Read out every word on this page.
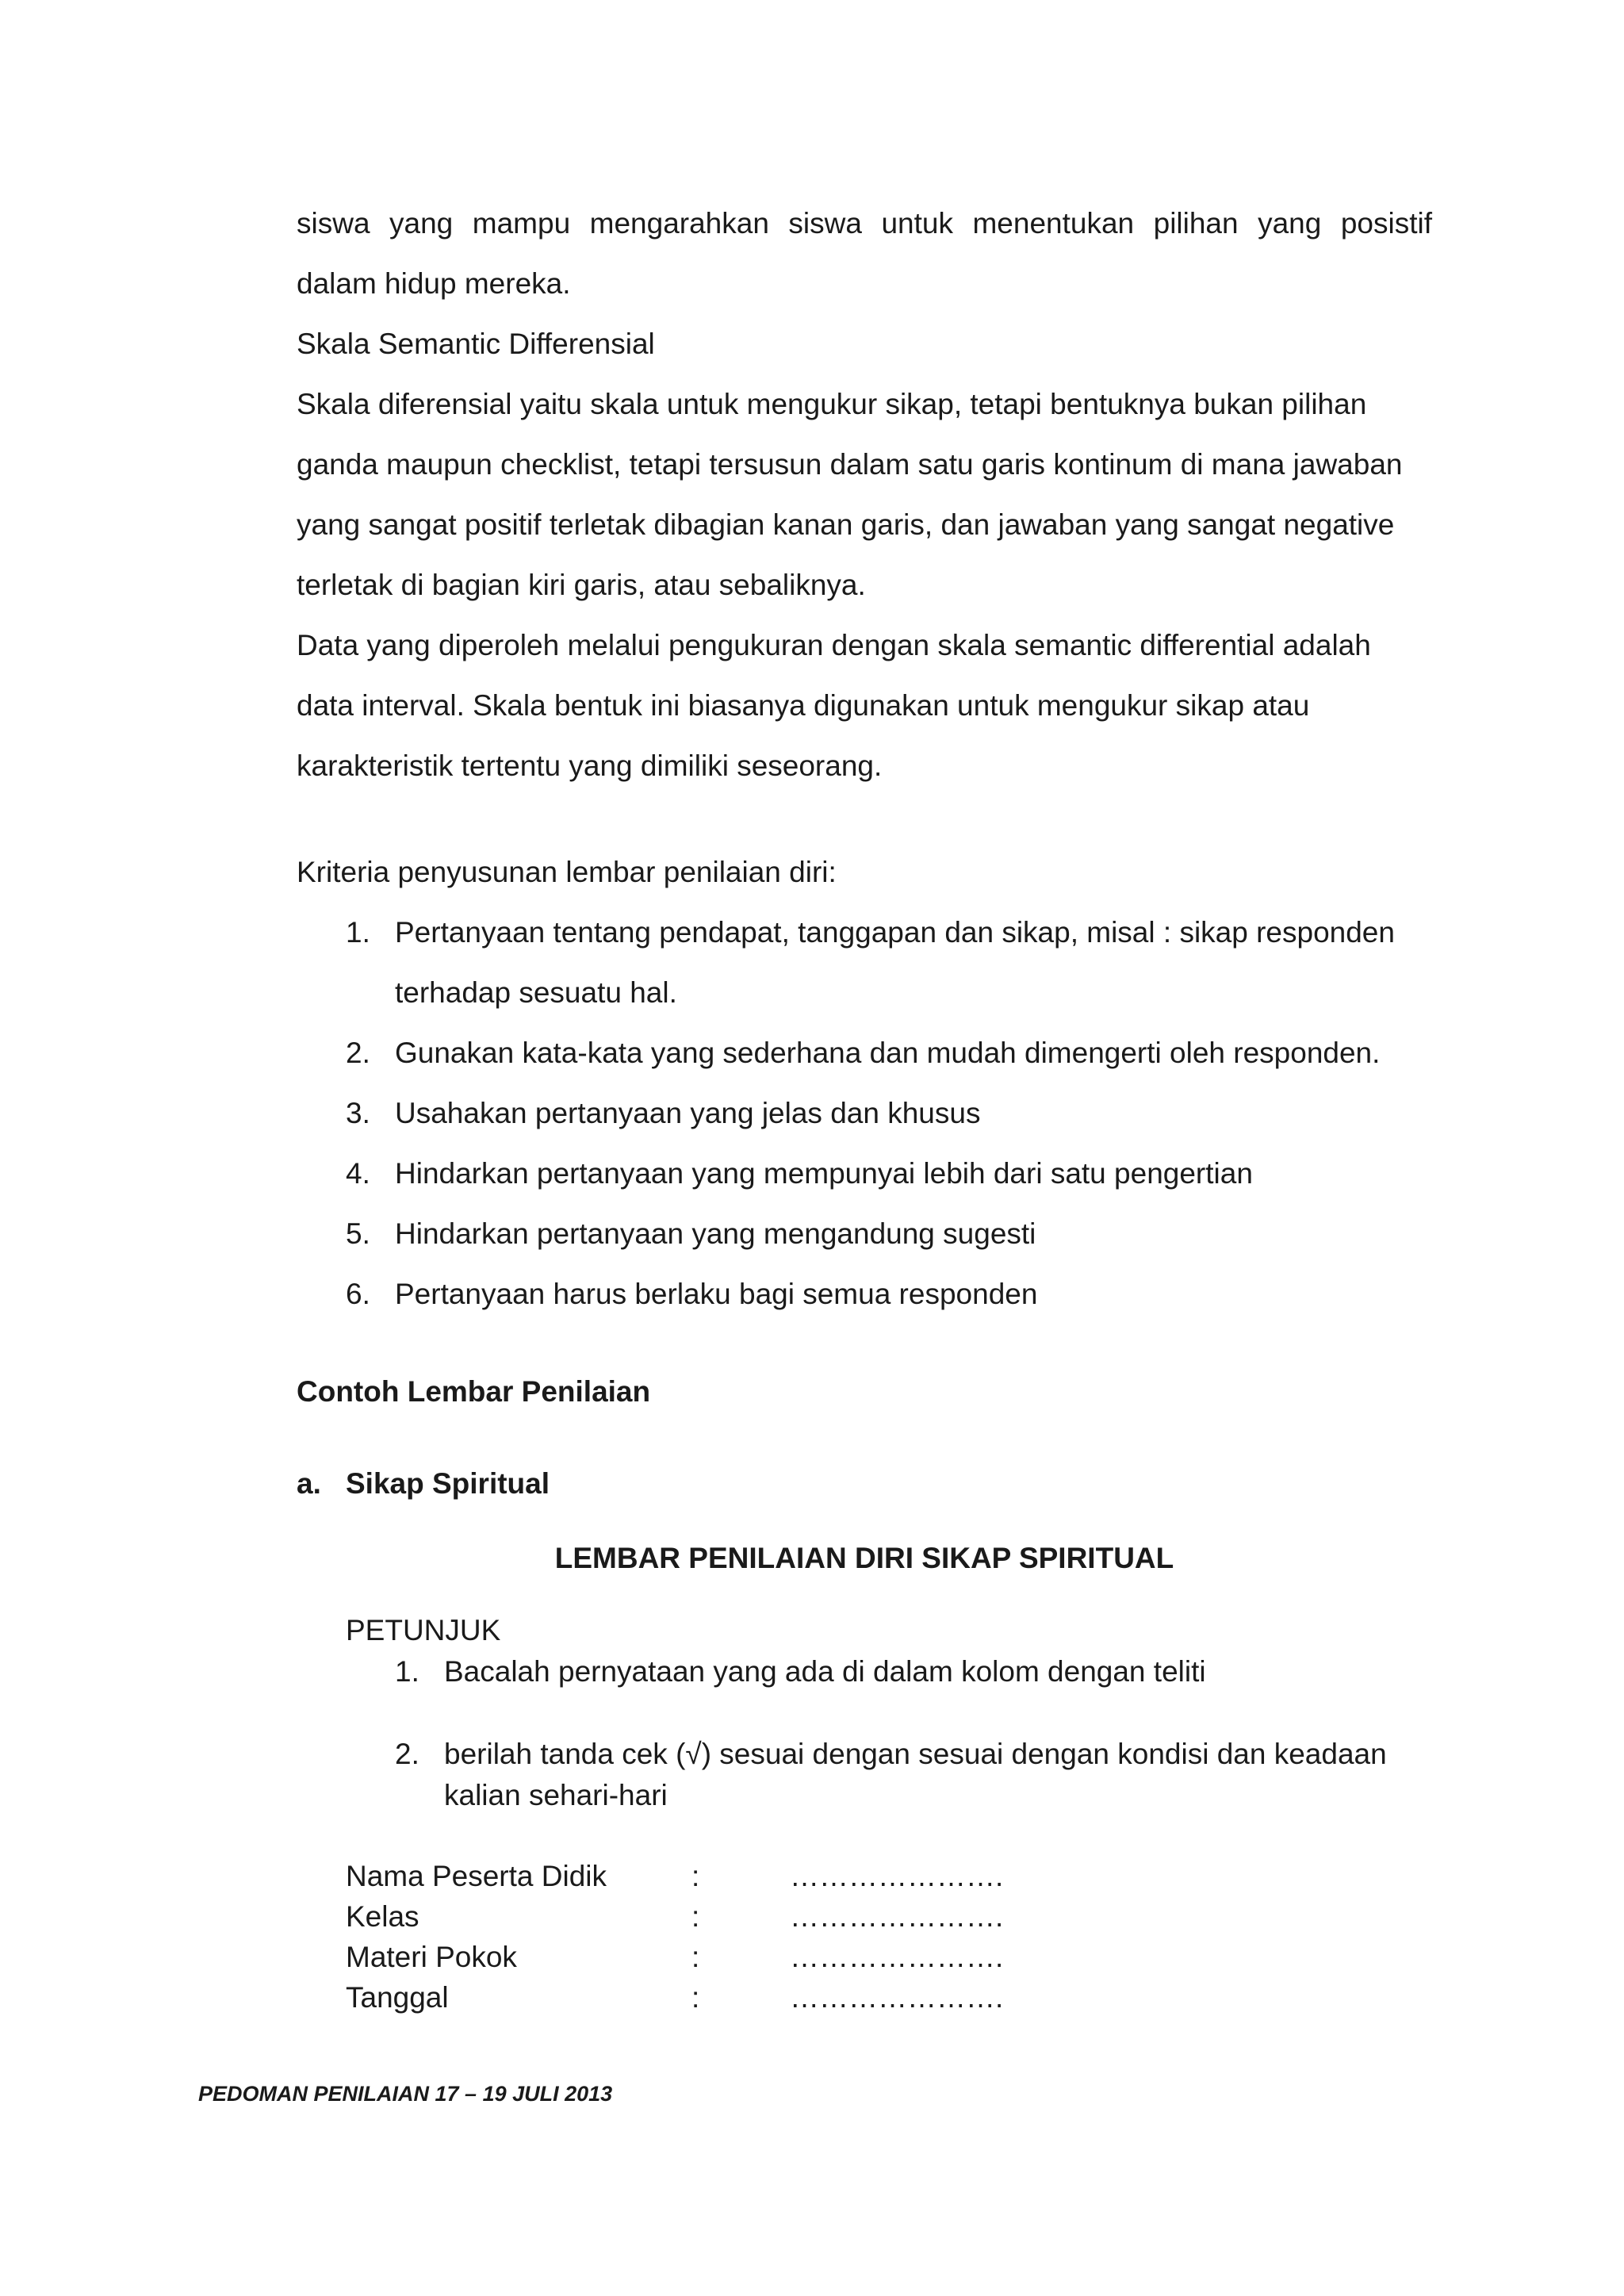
siswa yang mampu mengarahkan siswa untuk menentukan pilihan yang posistif
dalam hidup mereka.

Skala Semantic Differensial

Skala diferensial yaitu skala untuk mengukur sikap, tetapi bentuknya bukan pilihan
ganda maupun checklist, tetapi tersusun dalam satu garis kontinum di mana jawaban
yang sangat positif terletak dibagian kanan garis, dan jawaban yang sangat negative
terletak di bagian kiri garis, atau sebaliknya.

Data yang diperoleh melalui pengukuran dengan skala semantic differential adalah
data interval. Skala bentuk ini biasanya digunakan untuk mengukur sikap atau
karakteristik tertentu yang dimiliki seseorang.

Kriteria penyusunan lembar penilaian diri:

1. Pertanyaan tentang pendapat, tanggapan dan sikap, misal : sikap responden
terhadap sesuatu hal.
2. Gunakan kata-kata yang sederhana dan mudah dimengerti oleh responden.
3. Usahakan pertanyaan yang jelas dan khusus
4. Hindarkan pertanyaan yang mempunyai lebih dari satu pengertian
5. Hindarkan pertanyaan yang mengandung sugesti
6. Pertanyaan harus berlaku bagi semua responden

Contoh Lembar Penilaian

a. Sikap Spiritual

LEMBAR PENILAIAN DIRI SIKAP SPIRITUAL

PETUNJUK
1. Bacalah pernyataan yang ada di dalam kolom dengan teliti
2. berilah tanda cek (√) sesuai dengan sesuai dengan kondisi dan keadaan
kalian sehari-hari
Nama Peserta Didik	:	………………….
Kelas	:	………………….
Materi Pokok	:	………………….
Tanggal	:	………………….
PEDOMAN PENILAIAN 17 – 19 JULI 2013
